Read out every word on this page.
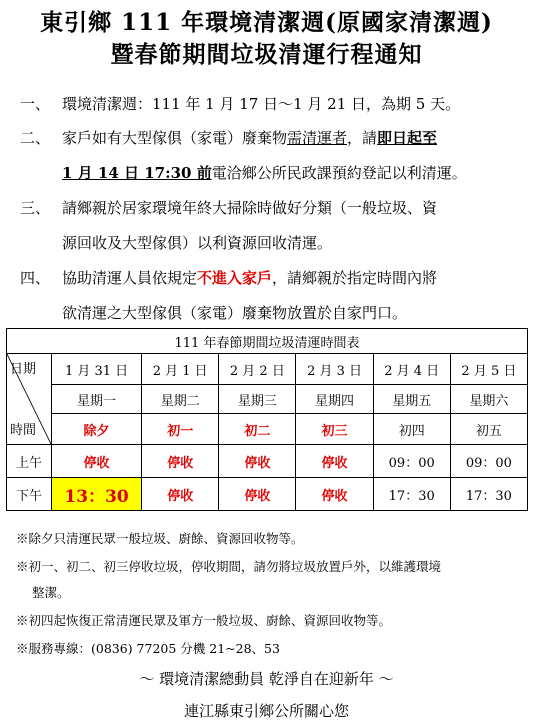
東引鄉 111 年環境清潔週(原國家清潔週)
暨春節期間垃圾清運行程通知
一、 環境清潔週：111 年 1 月 17 日～1 月 21 日，為期 5 天。
二、 家戶如有大型傢俱（家電）廢棄物需清運者，請即日起至
1 月 14 日 17:30 前電洽鄉公所民政課預約登記以利清運。
三、 請鄉親於居家環境年終大掃除時做好分類（一般垃圾、資
源回收及大型傢俱）以利資源回收清運。
四、 協助清運人員依規定不進入家戶，請鄉親於指定時間內將
欲清運之大型傢俱（家電）廢棄物放置於自家門口。
111 年春節期間垃圾清運時間表						

日期
時間	1 月 31 日	2 月 1 日	2 月 2 日	2 月 3 日	2 月 4 日	2 月 5 日
	星期一	星期二	星期三	星期四	星期五	星期六
	除夕	初一	初二	初三	初四	初五
上午	停收	停收	停收	停收	09：00	09：00
下午	13：30	停收	停收	停收	17：30	17：30
※除夕只清運民眾一般垃圾、廚餘、資源回收物等。
※初一、初二、初三停收垃圾，停收期間，請勿將垃圾放置戶外，以維護環境
整潔。
※初四起恢復正常清運民眾及軍方一般垃圾、廚餘、資源回收物等。
※服務專線：(0836) 77205 分機 21~28、53
～ 環境清潔總動員 乾淨自在迎新年 ～
連江縣東引鄉公所關心您
